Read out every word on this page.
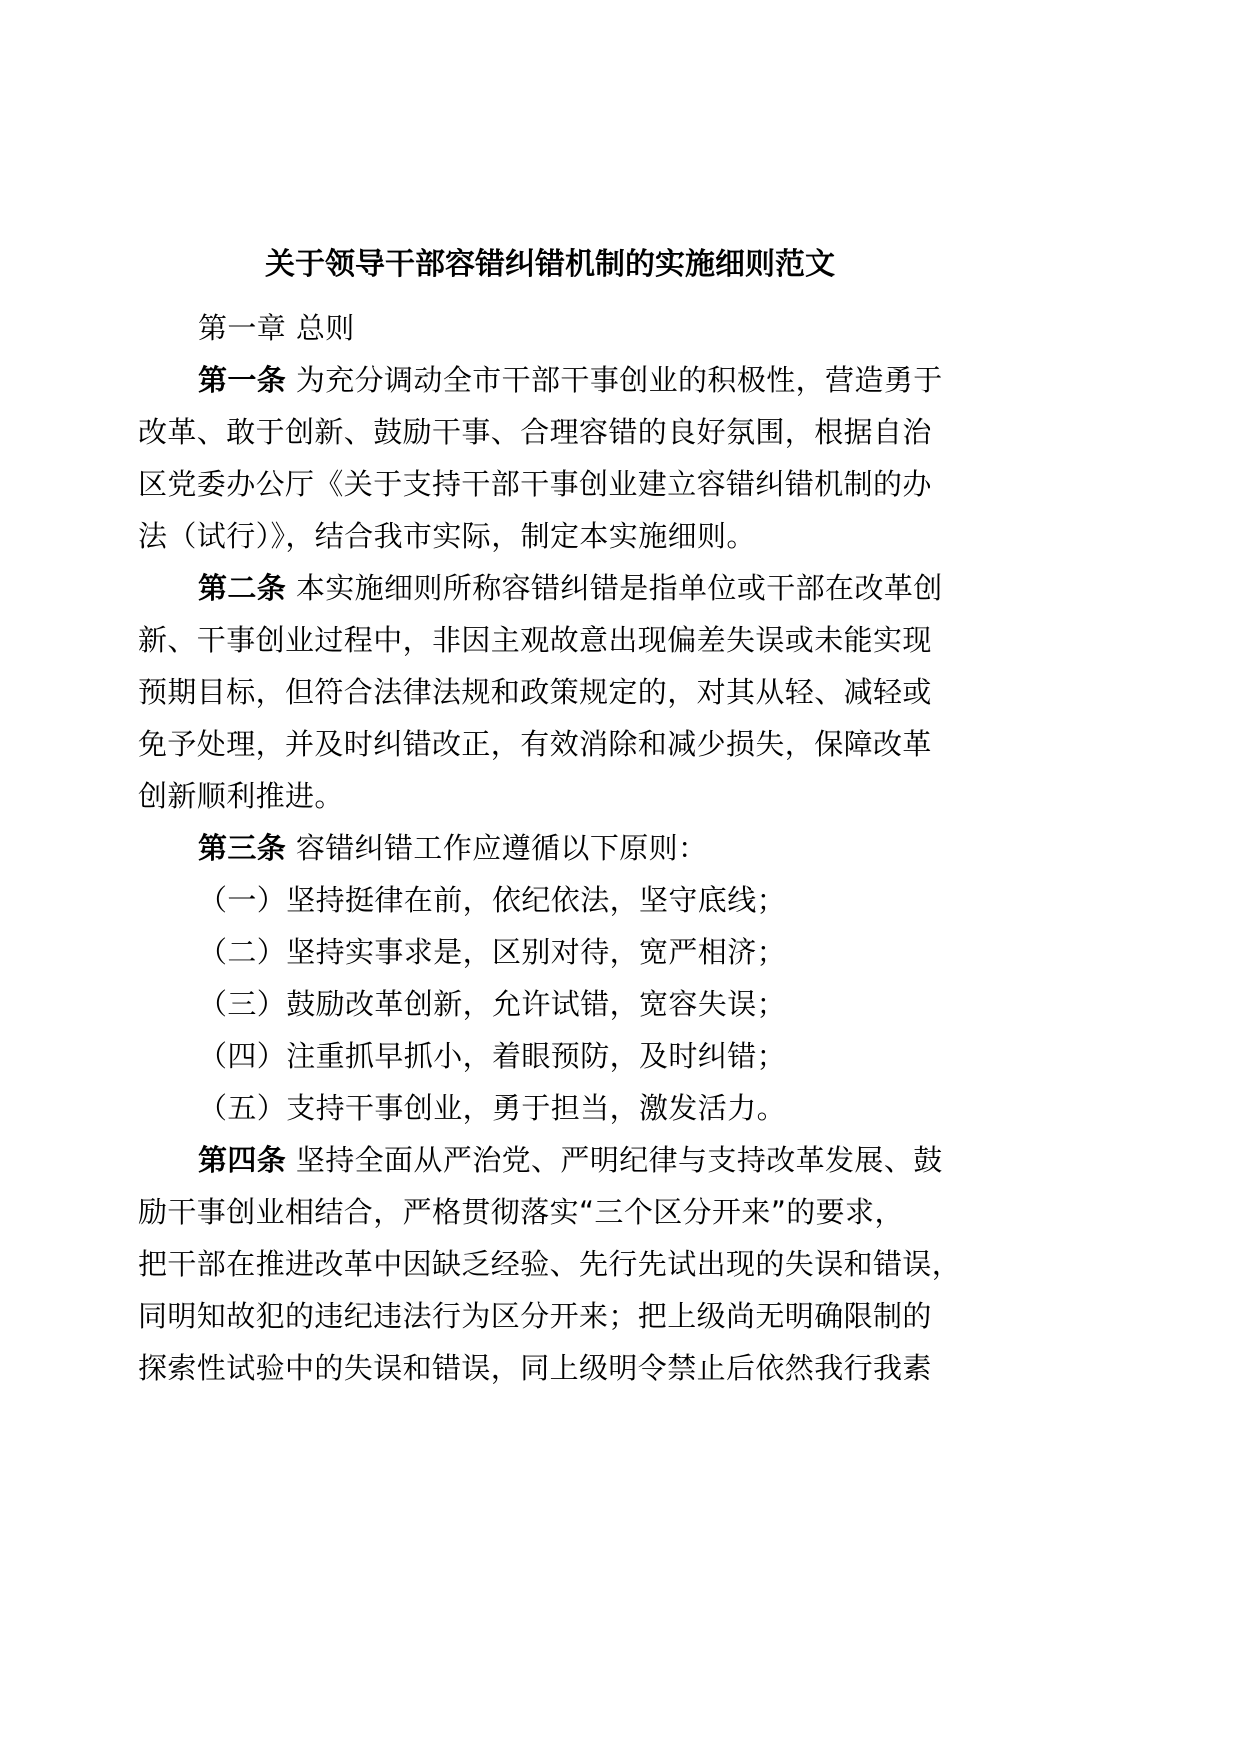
关于领导干部容错纠错机制的实施细则范文
第一章 总则
第一条 为充分调动全市干部干事创业的积极性，营造勇于
改革、敢于创新、鼓励干事、合理容错的良好氛围，根据自治
区党委办公厅《关于支持干部干事创业建立容错纠错机制的办
法（试行）》，结合我市实际，制定本实施细则。
第二条 本实施细则所称容错纠错是指单位或干部在改革创
新、干事创业过程中，非因主观故意出现偏差失误或未能实现
预期目标，但符合法律法规和政策规定的，对其从轻、减轻或
免予处理，并及时纠错改正，有效消除和减少损失，保障改革
创新顺利推进。
第三条 容错纠错工作应遵循以下原则：
（一）坚持挺律在前，依纪依法，坚守底线；
（二）坚持实事求是，区别对待，宽严相济；
（三）鼓励改革创新，允许试错，宽容失误；
（四）注重抓早抓小，着眼预防，及时纠错；
（五）支持干事创业，勇于担当，激发活力。
第四条 坚持全面从严治党、严明纪律与支持改革发展、鼓
励干事创业相结合，严格贯彻落实“三个区分开来”的要求，
把干部在推进改革中因缺乏经验、先行先试出现的失误和错误，
同明知故犯的违纪违法行为区分开来；把上级尚无明确限制的
探索性试验中的失误和错误，同上级明令禁止后依然我行我素
